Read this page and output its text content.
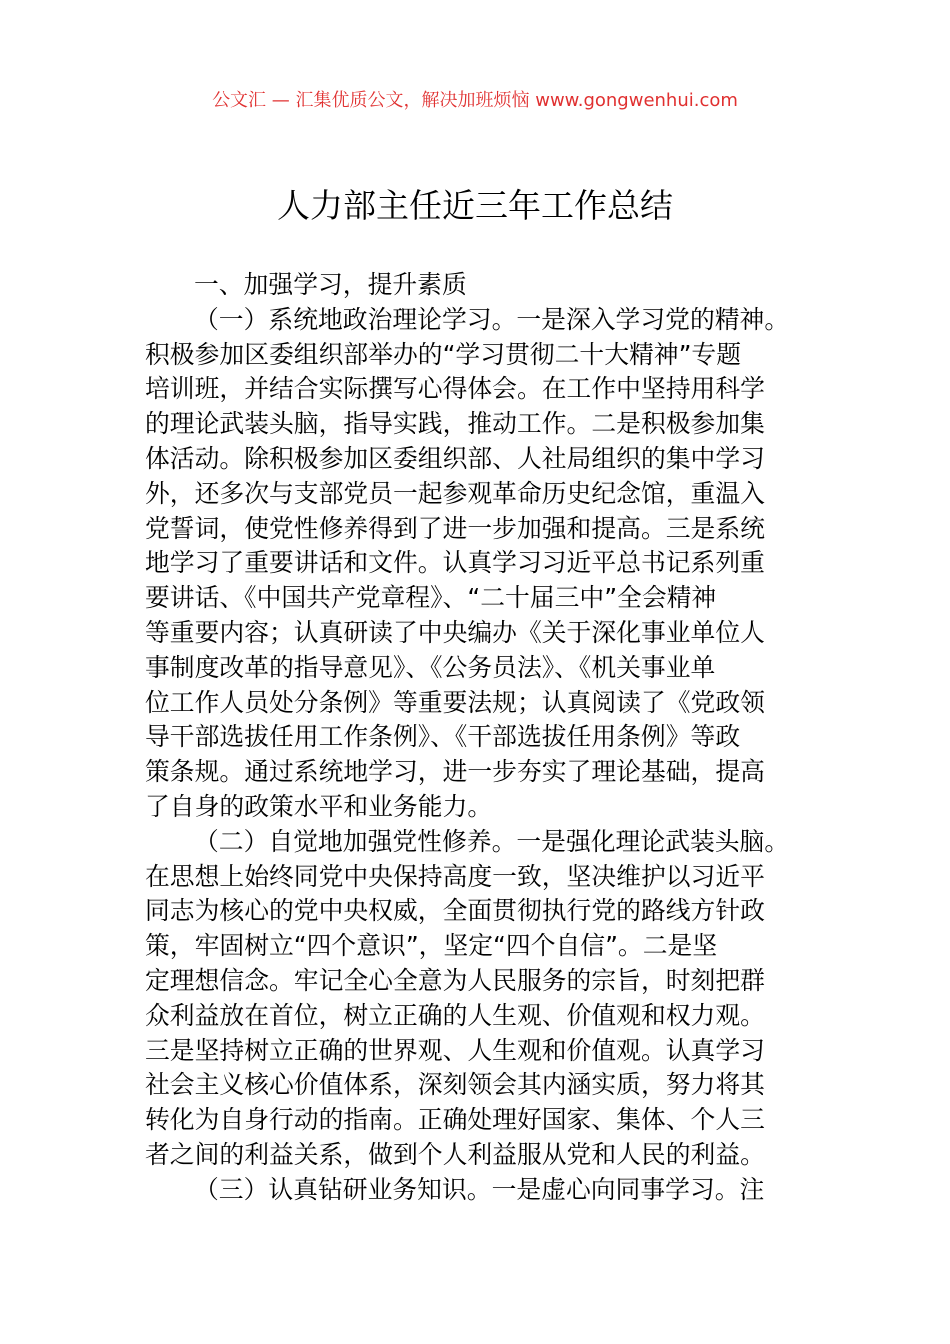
公文汇 — 汇集优质公文，解决加班烦恼 www.gongwenhui.com
人力部主任近三年工作总结
一、加强学习，提升素质
（一）系统地政治理论学习。一是深入学习党的精神。
积极参加区委组织部举办的“学习贯彻二十大精神”专题
培训班，并结合实际撰写心得体会。在工作中坚持用科学
的理论武装头脑，指导实践，推动工作。二是积极参加集
体活动。除积极参加区委组织部、人社局组织的集中学习
外，还多次与支部党员一起参观革命历史纪念馆，重温入
党誓词，使党性修养得到了进一步加强和提高。三是系统
地学习了重要讲话和文件。认真学习习近平总书记系列重
要讲话、《中国共产党章程》、“二十届三中”全会精神
等重要内容；认真研读了中央编办《关于深化事业单位人
事制度改革的指导意见》、《公务员法》、《机关事业单
位工作人员处分条例》等重要法规；认真阅读了《党政领
导干部选拔任用工作条例》、《干部选拔任用条例》等政
策条规。通过系统地学习，进一步夯实了理论基础，提高
了自身的政策水平和业务能力。
（二）自觉地加强党性修养。一是强化理论武装头脑。
在思想上始终同党中央保持高度一致，坚决维护以习近平
同志为核心的党中央权威，全面贯彻执行党的路线方针政
策，牢固树立“四个意识”，坚定“四个自信”。二是坚
定理想信念。牢记全心全意为人民服务的宗旨，时刻把群
众利益放在首位，树立正确的人生观、价值观和权力观。
三是坚持树立正确的世界观、人生观和价值观。认真学习
社会主义核心价值体系，深刻领会其内涵实质，努力将其
转化为自身行动的指南。正确处理好国家、集体、个人三
者之间的利益关系，做到个人利益服从党和人民的利益。
（三）认真钻研业务知识。一是虚心向同事学习。注
